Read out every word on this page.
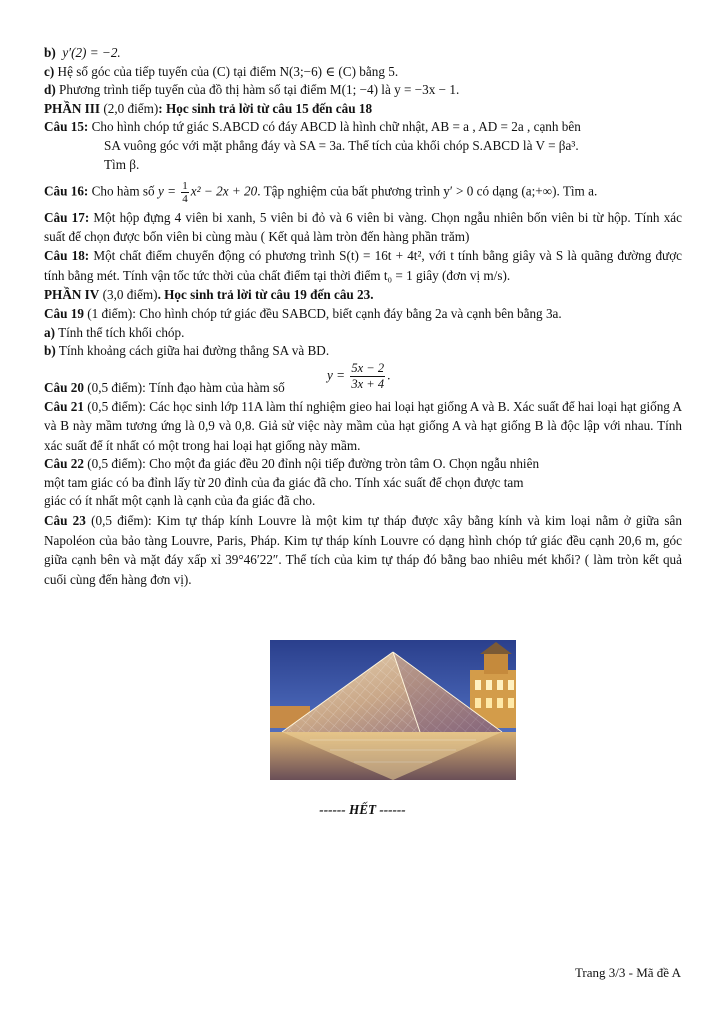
b) y′(2) = −2.

c) Hệ số góc của tiếp tuyến của (C) tại điểm N(3;−6) ∈ (C) bằng 5.

d) Phương trình tiếp tuyến của đồ thị hàm số tại điểm M(1; −4) là y = −3x − 1.

PHẦN III (2,0 điểm): Học sinh trả lời từ câu 15 đến câu 18

Câu 15: Cho hình chóp tứ giác S.ABCD có đáy ABCD là hình chữ nhật, AB = a , AD = 2a , cạnh bên

SA vuông góc với mặt phẳng đáy và SA = 3a. Thể tích của khối chóp S.ABCD là V = βa³.

Tìm β.

Câu 16: Cho hàm số $y = \frac{1}{4} x^2 - 2x + 20$. Tập nghiệm của bất phương trình y′ > 0 có dạng (a;+∞). Tìm a.

Câu 17: Một hộp đựng 4 viên bi xanh, 5 viên bi đỏ và 6 viên bi vàng. Chọn ngẫu nhiên bốn viên bi từ hộp. Tính xác suất để chọn được bốn viên bi cùng màu ( Kết quả làm tròn đến hàng phần trăm)

Câu 18: Một chất điểm chuyển động có phương trình S(t) = 16t + 4t², với t tính bằng giây và S là quãng đường được tính bằng mét. Tính vận tốc tức thời của chất điểm tại thời điểm t₀ = 1 giây (đơn vị m/s).

PHẦN IV (3,0 điểm). Học sinh trả lời từ câu 19 đến câu 23.

Câu 19 (1 điểm): Cho hình chóp tứ giác đều SABCD, biết cạnh đáy bằng 2a và cạnh bên bằng 3a.

a) Tính thể tích khối chóp.

b) Tính khoảng cách giữa hai đường thẳng SA và BD.

Câu 20 (0,5 điểm): Tính đạo hàm của hàm số
$y = \frac{5x - 2}{3x + 4}$ .

Câu 21 (0,5 điểm): Các học sinh lớp 11A làm thí nghiệm gieo hai loại hạt giống A và B. Xác suất để hai loại hạt giống A và B này mầm tương ứng là 0,9 và 0,8. Giả sử việc này mầm của hạt giống A và hạt giống B là độc lập với nhau. Tính xác suất để ít nhất có một trong hai loại hạt giống này mầm.

Câu 22 (0,5 điểm): Cho một đa giác đều 20 đỉnh nội tiếp đường tròn tâm O. Chọn ngẫu nhiên

một tam giác có ba đỉnh lấy từ 20 đỉnh của đa giác đã cho. Tính xác suất để chọn được tam

giác có ít nhất một cạnh là cạnh của đa giác đã cho.

Câu 23 (0,5 điểm): Kim tự tháp kính Louvre là một kim tự tháp được xây bằng kính và kim loại nằm ở giữa sân Napoléon của bảo tàng Louvre, Paris, Pháp. Kim tự tháp kính Louvre có dạng hình chóp tứ giác đều cạnh 20,6 m, góc giữa cạnh bên và mặt đáy xấp xỉ 39°46′22″. Thể tích của kim tự tháp đó bằng bao nhiêu mét khối? ( làm tròn kết quả cuối cùng đến hàng đơn vị).

------ HẾT ------
Trang 3/3 - Mã đề A
